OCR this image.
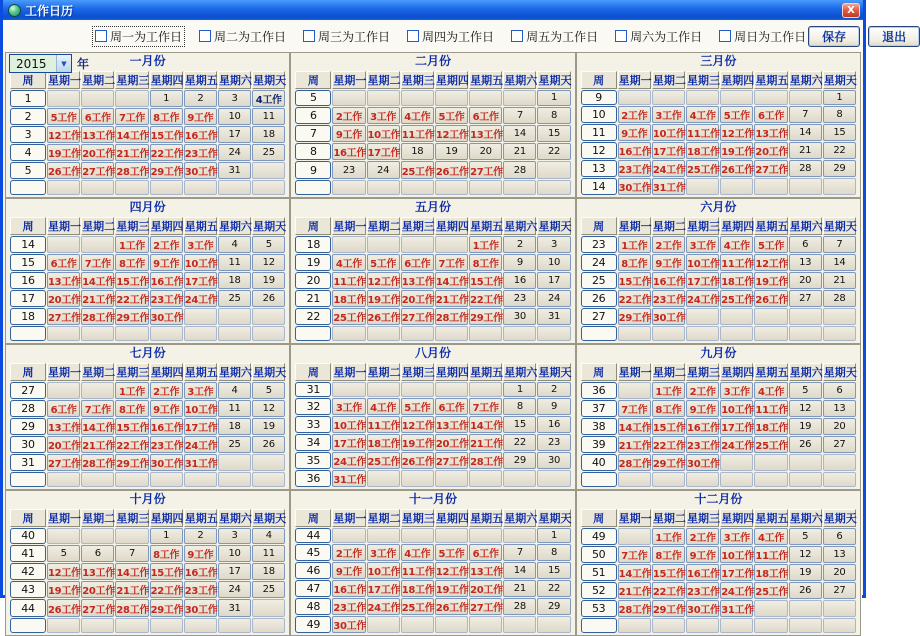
工作日历	X
周一为工作日	周二为工作日	周三为工作日	周四为工作日	周五为工作日	周六为工作日	周日为工作日	保存	退出
2015	▼ 年	一月份
周	星期一	星期二	星期三	星期四	星期五	星期六	星期天
1				1	2	3	4工作
2	5工作	6工作	7工作	8工作	9工作	10	11
3	12工作	13工作	14工作	15工作	16工作	17	18
4	19工作	20工作	21工作	22工作	23工作	24	25
5	26工作	27工作	28工作	29工作	30工作	31	

二月份
周	星期一	星期二	星期三	星期四	星期五	星期六	星期天
5							1
6	2工作	3工作	4工作	5工作	6工作	7	8
7	9工作	10工作	11工作	12工作	13工作	14	15
8	16工作	17工作	18	19	20	21	22
9	23	24	25工作	26工作	27工作	28	

三月份
周	星期一	星期二	星期三	星期四	星期五	星期六	星期天
9							1
10	2工作	3工作	4工作	5工作	6工作	7	8
11	9工作	10工作	11工作	12工作	13工作	14	15
12	16工作	17工作	18工作	19工作	20工作	21	22
13	23工作	24工作	25工作	26工作	27工作	28	29
14	30工作	31工作					
四月份
周	星期一	星期二	星期三	星期四	星期五	星期六	星期天
14			1工作	2工作	3工作	4	5
15	6工作	7工作	8工作	9工作	10工作	11	12
16	13工作	14工作	15工作	16工作	17工作	18	19
17	20工作	21工作	22工作	23工作	24工作	25	26
18	27工作	28工作	29工作	30工作			

五月份
周	星期一	星期二	星期三	星期四	星期五	星期六	星期天
18					1工作	2	3
19	4工作	5工作	6工作	7工作	8工作	9	10
20	11工作	12工作	13工作	14工作	15工作	16	17
21	18工作	19工作	20工作	21工作	22工作	23	24
22	25工作	26工作	27工作	28工作	29工作	30	31

六月份
周	星期一	星期二	星期三	星期四	星期五	星期六	星期天
23	1工作	2工作	3工作	4工作	5工作	6	7
24	8工作	9工作	10工作	11工作	12工作	13	14
25	15工作	16工作	17工作	18工作	19工作	20	21
26	22工作	23工作	24工作	25工作	26工作	27	28
27	29工作	30工作					

七月份
周	星期一	星期二	星期三	星期四	星期五	星期六	星期天
27			1工作	2工作	3工作	4	5
28	6工作	7工作	8工作	9工作	10工作	11	12
29	13工作	14工作	15工作	16工作	17工作	18	19
30	20工作	21工作	22工作	23工作	24工作	25	26
31	27工作	28工作	29工作	30工作	31工作		

八月份
周	星期一	星期二	星期三	星期四	星期五	星期六	星期天
31						1	2
32	3工作	4工作	5工作	6工作	7工作	8	9
33	10工作	11工作	12工作	13工作	14工作	15	16
34	17工作	18工作	19工作	20工作	21工作	22	23
35	24工作	25工作	26工作	27工作	28工作	29	30
36	31工作						
九月份
周	星期一	星期二	星期三	星期四	星期五	星期六	星期天
36		1工作	2工作	3工作	4工作	5	6
37	7工作	8工作	9工作	10工作	11工作	12	13
38	14工作	15工作	16工作	17工作	18工作	19	20
39	21工作	22工作	23工作	24工作	25工作	26	27
40	28工作	29工作	30工作				

十月份
周	星期一	星期二	星期三	星期四	星期五	星期六	星期天
40				1	2	3	4
41	5	6	7	8工作	9工作	10	11
42	12工作	13工作	14工作	15工作	16工作	17	18
43	19工作	20工作	21工作	22工作	23工作	24	25
44	26工作	27工作	28工作	29工作	30工作	31	

十一月份
周	星期一	星期二	星期三	星期四	星期五	星期六	星期天
44							1
45	2工作	3工作	4工作	5工作	6工作	7	8
46	9工作	10工作	11工作	12工作	13工作	14	15
47	16工作	17工作	18工作	19工作	20工作	21	22
48	23工作	24工作	25工作	26工作	27工作	28	29
49	30工作						
十二月份
周	星期一	星期二	星期三	星期四	星期五	星期六	星期天
49		1工作	2工作	3工作	4工作	5	6
50	7工作	8工作	9工作	10工作	11工作	12	13
51	14工作	15工作	16工作	17工作	18工作	19	20
52	21工作	22工作	23工作	24工作	25工作	26	27
53	28工作	29工作	30工作	31工作			
